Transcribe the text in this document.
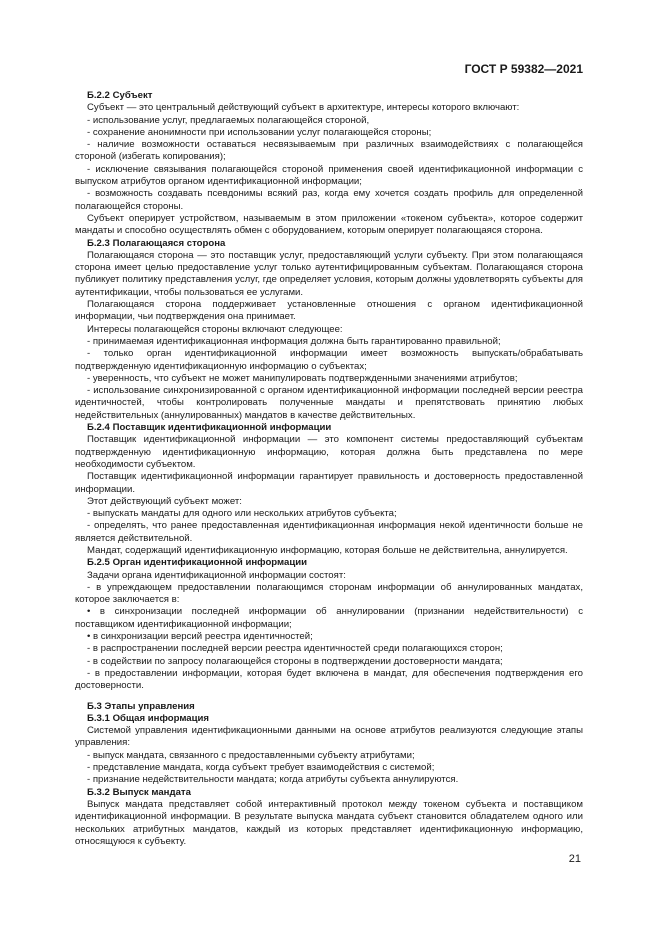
ГОСТ Р 59382—2021
Б.2.2 Субъект

Субъект — это центральный действующий субъект в архитектуре, интересы которого включают:

- использование услуг, предлагаемых полагающейся стороной,

- сохранение анонимности при использовании услуг полагающейся стороны;

- наличие возможности оставаться несвязываемым при различных взаимодействиях с полагающейся стороной (избегать копирования);

- исключение связывания полагающейся стороной применения своей идентификационной информации с выпуском атрибутов органом идентификационной информации;

- возможность создавать псевдонимы всякий раз, когда ему хочется создать профиль для определенной полагающейся стороны.

Субъект оперирует устройством, называемым в этом приложении «токеном субъекта», которое содержит мандаты и способно осуществлять обмен с оборудованием, которым оперирует полагающаяся сторона.

Б.2.3 Полагающаяся сторона

Полагающаяся сторона — это поставщик услуг, предоставляющий услуги субъекту. При этом полагающаяся сторона имеет целью предоставление услуг только аутентифицированным субъектам. Полагающаяся сторона публикует политику представления услуг, где определяет условия, которым должны удовлетворять субъекты для аутентификации, чтобы пользоваться ее услугами.

Полагающаяся сторона поддерживает установленные отношения с органом идентификационной информации, чьи подтверждения она принимает.

Интересы полагающейся стороны включают следующее:

- принимаемая идентификационная информация должна быть гарантированно правильной;

- только орган идентификационной информации имеет возможность выпускать/обрабатывать подтвержденную идентификационную информацию о субъектах;

- уверенность, что субъект не может манипулировать подтвержденными значениями атрибутов;

- использование синхронизированной с органом идентификационной информации последней версии реестра идентичностей, чтобы контролировать полученные мандаты и препятствовать принятию любых недействительных (аннулированных) мандатов в качестве действительных.

Б.2.4 Поставщик идентификационной информации

Поставщик идентификационной информации — это компонент системы предоставляющий субъектам подтвержденную идентификационную информацию, которая должна быть представлена по мере необходимости субъектом.

Поставщик идентификационной информации гарантирует правильность и достоверность предоставленной информации.

Этот действующий субъект может:

- выпускать мандаты для одного или нескольких атрибутов субъекта;

- определять, что ранее предоставленная идентификационная информация некой идентичности больше не является действительной.

Мандат, содержащий идентификационную информацию, которая больше не действительна, аннулируется.

Б.2.5 Орган идентификационной информации

Задачи органа идентификационной информации состоят:

- в упреждающем предоставлении полагающимся сторонам информации об аннулированных мандатах, которое заключается в:

• в синхронизации последней информации об аннулировании (признании недействительности) с поставщиком идентификационной информации;

• в синхронизации версий реестра идентичностей;

- в распространении последней версии реестра идентичностей среди полагающихся сторон;

- в содействии по запросу полагающейся стороны в подтверждении достоверности мандата;

- в предоставлении информации, которая будет включена в мандат, для обеспечения подтверждения его достоверности.

Б.3 Этапы управления
Б.3.1 Общая информация

Системой управления идентификационными данными на основе атрибутов реализуются следующие этапы управления:

- выпуск мандата, связанного с предоставленными субъекту атрибутами;

- представление мандата, когда субъект требует взаимодействия с системой;

- признание недействительности мандата; когда атрибуты субъекта аннулируются.

Б.3.2 Выпуск мандата

Выпуск мандата представляет собой интерактивный протокол между токеном субъекта и поставщиком идентификационной информации. В результате выпуска мандата субъект становится обладателем одного или нескольких атрибутных мандатов, каждый из которых представляет идентификационную информацию, относящуюся к субъекту.

21
